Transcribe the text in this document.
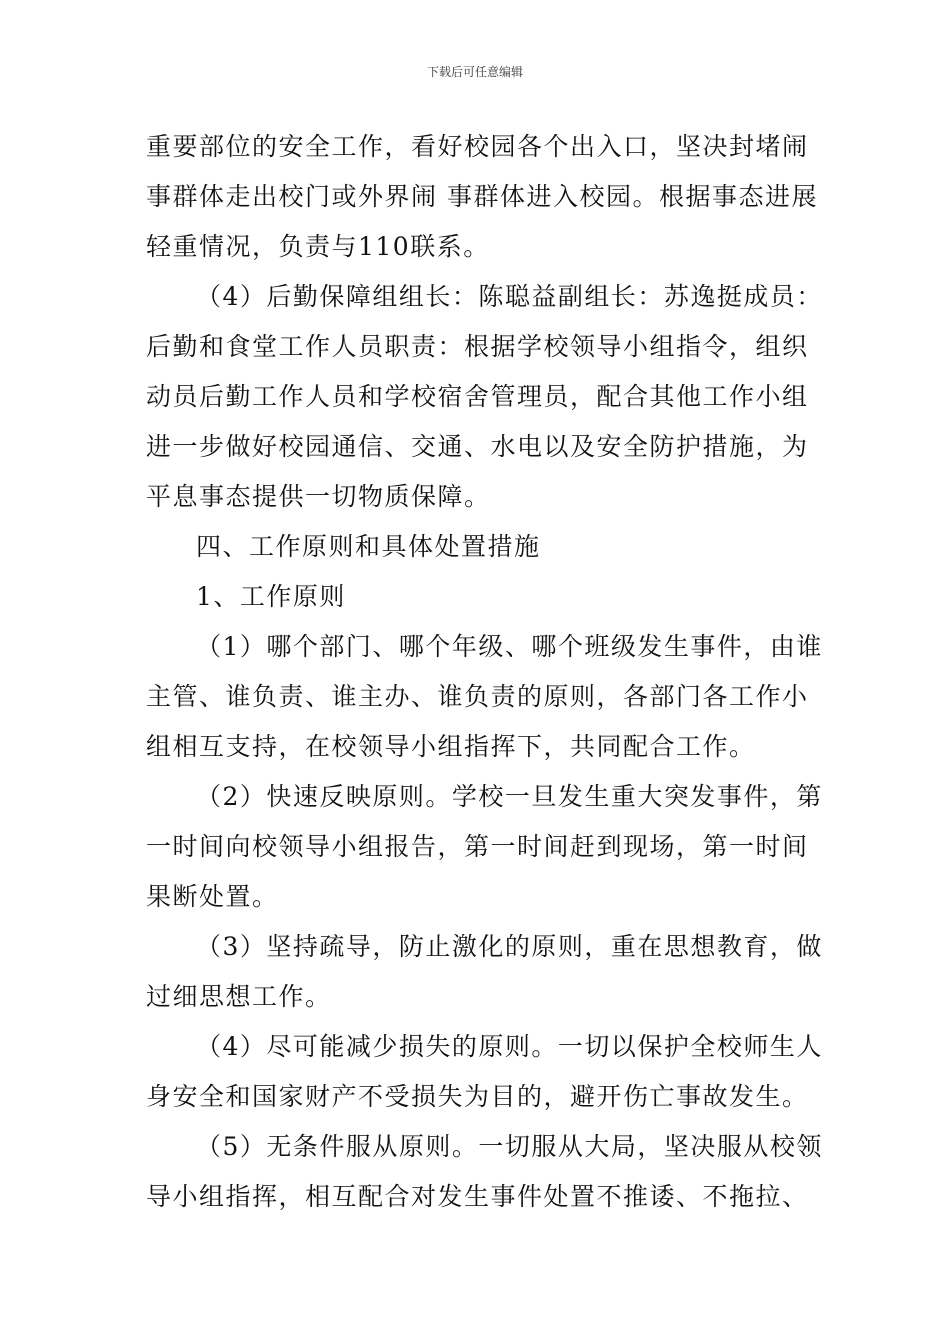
下载后可任意编辑

重要部位的安全工作，看好校园各个出入口，坚决封堵闹

事群体走出校门或外界闹 事群体进入校园。根据事态进展

轻重情况，负责与110联系。

（4）后勤保障组组长：陈聪益副组长：苏逸挺成员：

后勤和食堂工作人员职责：根据学校领导小组指令，组织

动员后勤工作人员和学校宿舍管理员，配合其他工作小组

进一步做好校园通信、交通、水电以及安全防护措施，为

平息事态提供一切物质保障。

四、工作原则和具体处置措施

1、工作原则

（1）哪个部门、哪个年级、哪个班级发生事件，由谁

主管、谁负责、谁主办、谁负责的原则，各部门各工作小

组相互支持，在校领导小组指挥下，共同配合工作。

（2）快速反映原则。学校一旦发生重大突发事件，第

一时间向校领导小组报告，第一时间赶到现场，第一时间

果断处置。

（3）坚持疏导，防止激化的原则，重在思想教育，做

过细思想工作。

（4）尽可能减少损失的原则。一切以保护全校师生人

身安全和国家财产不受损失为目的，避开伤亡事故发生。

（5）无条件服从原则。一切服从大局，坚决服从校领

导小组指挥，相互配合对发生事件处置不推诿、不拖拉、
